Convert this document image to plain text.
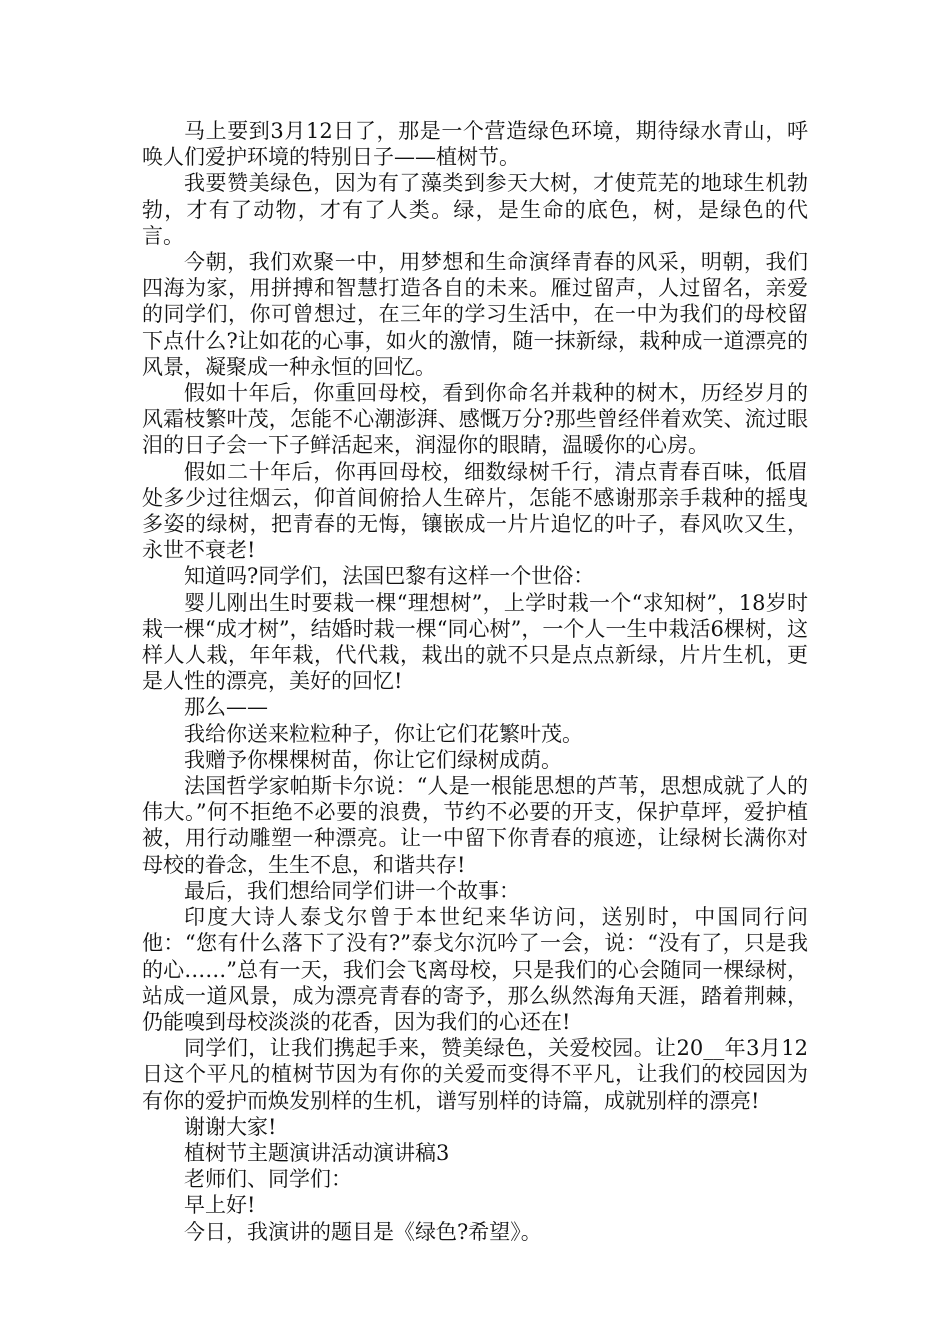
马上要到3月12日了，那是一个营造绿色环境，期待绿水青山，呼唤人们爱护环境的特别日子——植树节。

我要赞美绿色，因为有了藻类到参天大树，才使荒芜的地球生机勃勃，才有了动物，才有了人类。绿，是生命的底色，树，是绿色的代言。

今朝，我们欢聚一中，用梦想和生命演绎青春的风采，明朝，我们四海为家，用拼搏和智慧打造各自的未来。雁过留声，人过留名，亲爱的同学们，你可曾想过，在三年的学习生活中，在一中为我们的母校留下点什么?让如花的心事，如火的激情，随一抹新绿，栽种成一道漂亮的风景，凝聚成一种永恒的回忆。

假如十年后，你重回母校，看到你命名并栽种的树木，历经岁月的风霜枝繁叶茂，怎能不心潮澎湃、感慨万分?那些曾经伴着欢笑、流过眼泪的日子会一下子鲜活起来，润湿你的眼睛，温暖你的心房。

假如二十年后，你再回母校，细数绿树千行，清点青春百味，低眉处多少过往烟云，仰首间俯拾人生碎片，怎能不感谢那亲手栽种的摇曳多姿的绿树，把青春的无悔，镶嵌成一片片追忆的叶子，春风吹又生，永世不衰老!

知道吗?同学们，法国巴黎有这样一个世俗：

婴儿刚出生时要栽一棵“理想树”，上学时栽一个“求知树”，18岁时栽一棵“成才树”，结婚时栽一棵“同心树”，一个人一生中栽活6棵树，这样人人栽，年年栽，代代栽，栽出的就不只是点点新绿，片片生机，更是人性的漂亮，美好的回忆!

那么——

我给你送来粒粒种子，你让它们花繁叶茂。

我赠予你棵棵树苗，你让它们绿树成荫。

法国哲学家帕斯卡尔说：“人是一根能思想的芦苇，思想成就了人的伟大。”何不拒绝不必要的浪费，节约不必要的开支，保护草坪，爱护植被，用行动雕塑一种漂亮。让一中留下你青春的痕迹，让绿树长满你对母校的眷念，生生不息，和谐共存!

最后，我们想给同学们讲一个故事：

印度大诗人泰戈尔曾于本世纪来华访问，送别时，中国同行问他：“您有什么落下了没有?”泰戈尔沉吟了一会，说：“没有了，只是我的心……”总有一天，我们会飞离母校，只是我们的心会随同一棵绿树，站成一道风景，成为漂亮青春的寄予，那么纵然海角天涯，踏着荆棘，仍能嗅到母校淡淡的花香，因为我们的心还在!

同学们，让我们携起手来，赞美绿色，关爱校园。让20__年3月12日这个平凡的植树节因为有你的关爱而变得不平凡，让我们的校园因为有你的爱护而焕发别样的生机，谱写别样的诗篇，成就别样的漂亮!

谢谢大家!

植树节主题演讲活动演讲稿3

老师们、同学们：

早上好!

今日，我演讲的题目是《绿色?希望》。
